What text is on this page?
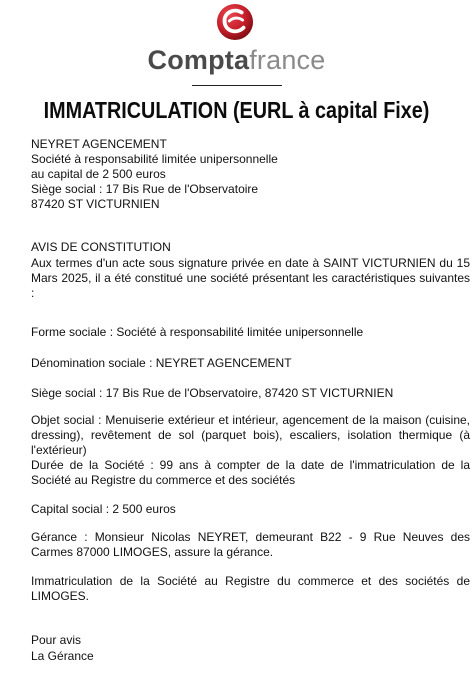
Comptafrance
IMMATRICULATION (EURL à capital Fixe)
NEYRET AGENCEMENT
Société à responsabilité limitée unipersonnelle
au capital de 2 500 euros
Siège social : 17 Bis Rue de l'Observatoire
87420 ST VICTURNIEN
AVIS DE CONSTITUTION
Aux termes d'un acte sous signature privée en date à SAINT VICTURNIEN du 15 Mars 2025, il a été constitué une société présentant les caractéristiques suivantes :
Forme sociale : Société à responsabilité limitée unipersonnelle
Dénomination sociale : NEYRET AGENCEMENT
Siège social : 17 Bis Rue de l'Observatoire, 87420 ST VICTURNIEN
Objet social : Menuiserie extérieur et intérieur, agencement de la maison (cuisine, dressing), revêtement de sol (parquet bois), escaliers, isolation thermique (à l'extérieur)
Durée de la Société : 99 ans à compter de la date de l'immatriculation de la Société au Registre du commerce et des sociétés
Capital social : 2 500 euros
Gérance : Monsieur Nicolas NEYRET, demeurant B22 - 9 Rue Neuves des Carmes 87000 LIMOGES, assure la gérance.
Immatriculation de la Société au Registre du commerce et des sociétés de LIMOGES.
Pour avis
La Gérance
